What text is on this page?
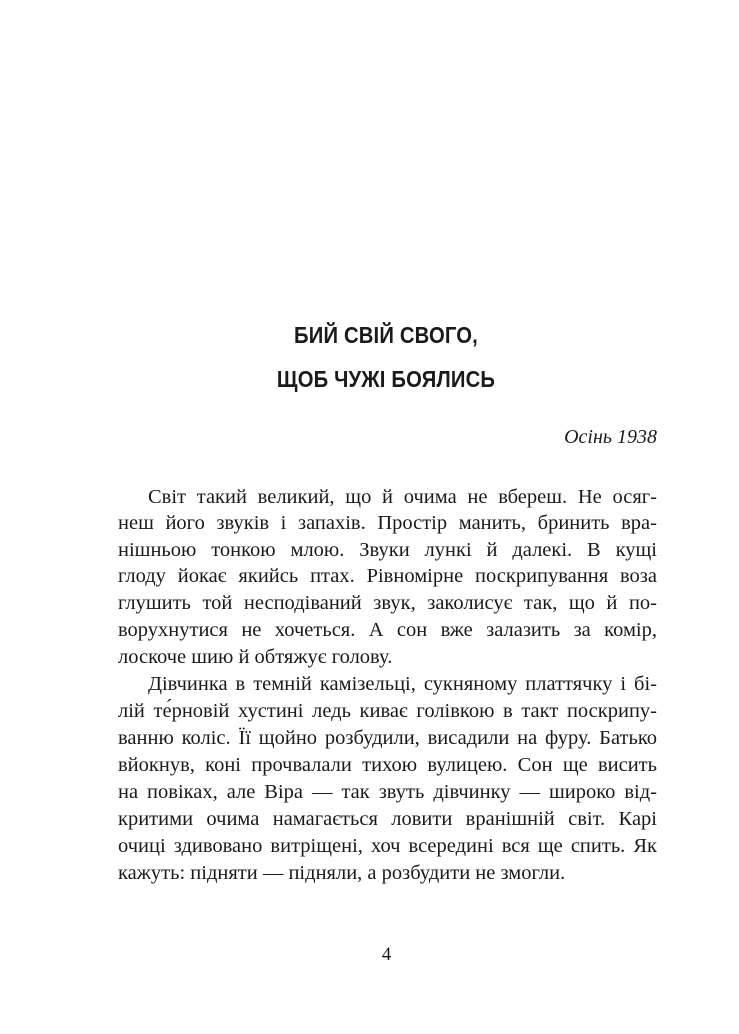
БИЙ СВІЙ СВОГО,
ЩОБ ЧУЖІ БОЯЛИСЬ
Осінь 1938
Світ такий великий, що й очима не вбереш. Не осяг-
неш його звуків і запахів. Простір манить, бринить вра-
нішньою тонкою млою. Звуки лункі й далекі. В кущі
глоду йокає якийсь птах. Рівномірне поскрипування воза
глушить той несподіваний звук, заколисує так, що й по-
ворухнутися не хочеться. А сон вже залазить за комір,
лоскоче шию й обтяжує голову.
Дівчинка в темній камізельці, сукняному платтячку і бі-
лій те́рновій хустині ледь киває голівкою в такт поскрипу-
ванню коліс. Її щойно розбудили, висадили на фуру. Батько
вйокнув, коні прочвалали тихою вулицею. Сон ще висить
на повіках, але Віра — так звуть дівчинку — широко від-
критими очима намагається ловити вранішній світ. Карі
очиці здивовано витріщені, хоч всередині вся ще спить. Як
кажуть: підняти — підняли, а розбудити не змогли.
4
